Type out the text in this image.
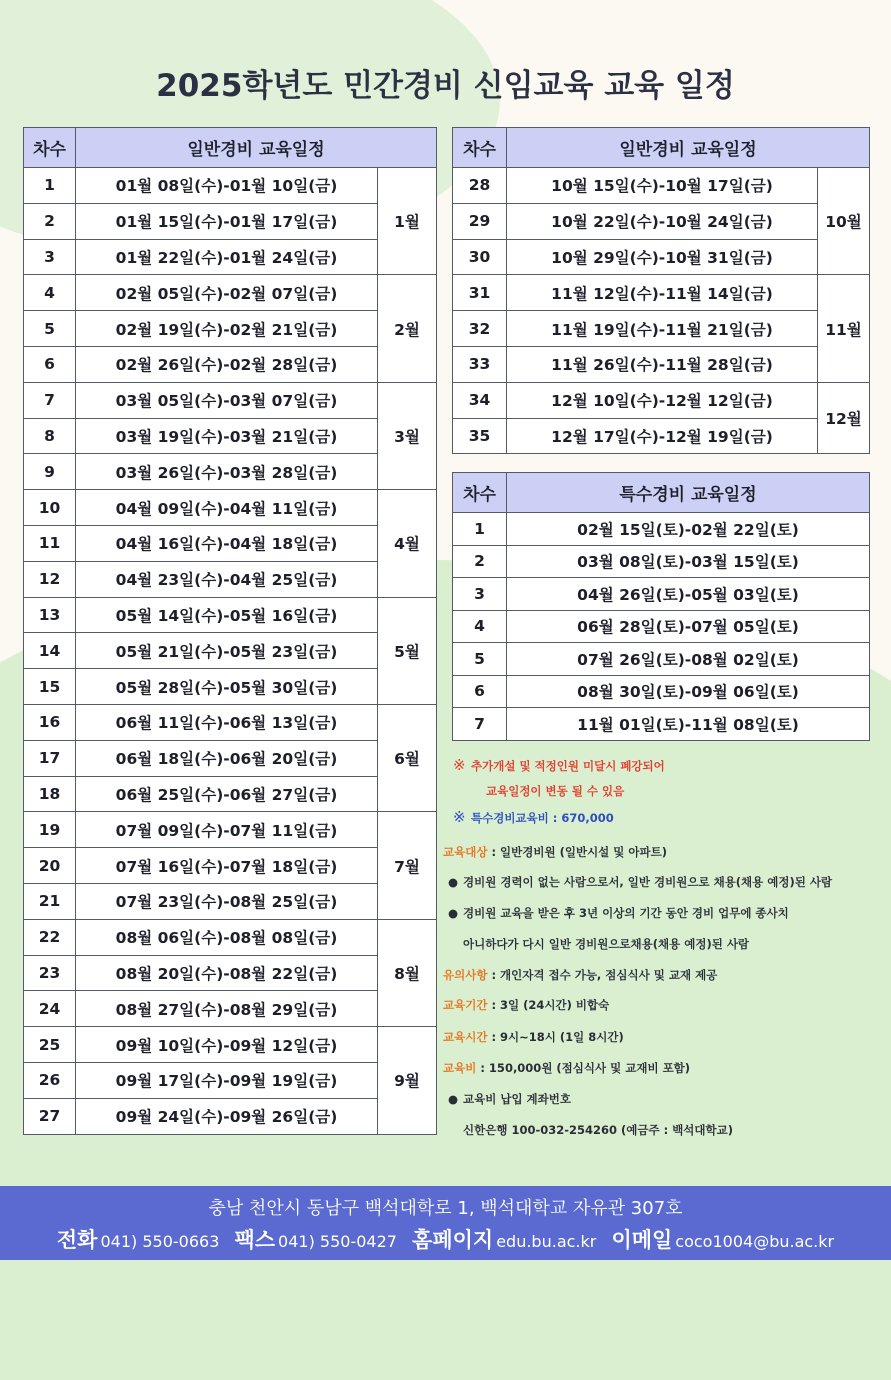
2025학년도 민간경비 신임교육 교육 일정
차수	일반경비 교육일정	
1	01월 08일(수)-01월 10일(금)	1월
2	01월 15일(수)-01월 17일(금)	
3	01월 22일(수)-01월 24일(금)	
4	02월 05일(수)-02월 07일(금)	2월
5	02월 19일(수)-02월 21일(금)	
6	02월 26일(수)-02월 28일(금)	
7	03월 05일(수)-03월 07일(금)	3월
8	03월 19일(수)-03월 21일(금)	
9	03월 26일(수)-03월 28일(금)	
10	04월 09일(수)-04월 11일(금)	4월
11	04월 16일(수)-04월 18일(금)	
12	04월 23일(수)-04월 25일(금)	
13	05월 14일(수)-05월 16일(금)	5월
14	05월 21일(수)-05월 23일(금)	
15	05월 28일(수)-05월 30일(금)	
16	06월 11일(수)-06월 13일(금)	6월
17	06월 18일(수)-06월 20일(금)	
18	06월 25일(수)-06월 27일(금)	
19	07월 09일(수)-07월 11일(금)	7월
20	07월 16일(수)-07월 18일(금)	
21	07월 23일(수)-08월 25일(금)	
22	08월 06일(수)-08월 08일(금)	8월
23	08월 20일(수)-08월 22일(금)	
24	08월 27일(수)-08월 29일(금)	
25	09월 10일(수)-09월 12일(금)	9월
26	09월 17일(수)-09월 19일(금)	
27	09월 24일(수)-09월 26일(금)	
차수	일반경비 교육일정	
28	10월 15일(수)-10월 17일(금)	10월
29	10월 22일(수)-10월 24일(금)	
30	10월 29일(수)-10월 31일(금)	
31	11월 12일(수)-11월 14일(금)	11월
32	11월 19일(수)-11월 21일(금)	
33	11월 26일(수)-11월 28일(금)	
34	12월 10일(수)-12월 12일(금)	12월
35	12월 17일(수)-12월 19일(금)	
차수	특수경비 교육일정
1	02월 15일(토)-02월 22일(토)
2	03월 08일(토)-03월 15일(토)
3	04월 26일(토)-05월 03일(토)
4	06월 28일(토)-07월 05일(토)
5	07월 26일(토)-08월 02일(토)
6	08월 30일(토)-09월 06일(토)
7	11월 01일(토)-11월 08일(토)
※ 추가개설 및 적정인원 미달시 폐강되어
교육일정이 변동 될 수 있음
※ 특수경비교육비 : 670,000
교육대상 : 일반경비원 (일반시설 및 아파트)
● 경비원 경력이 없는 사람으로서, 일반 경비원으로 채용(채용 예정)된 사람
● 경비원 교육을 받은 후 3년 이상의 기간 동안 경비 업무에 종사치
아니하다가 다시 일반 경비원으로채용(채용 예정)된 사람
유의사항 : 개인자격 접수 가능, 점심식사 및 교재 제공
교육기간 : 3일 (24시간) 비합숙
교육시간 : 9시~18시 (1일 8시간)
교육비 : 150,000원 (점심식사 및 교재비 포함)
● 교육비 납입 계좌번호
신한은행 100-032-254260 (예금주 : 백석대학교)
충남 천안시 동남구 백석대학로 1, 백석대학교 자유관 307호
전화 041) 550-0663 팩스 041) 550-0427 홈페이지 edu.bu.ac.kr 이메일 coco1004@bu.ac.kr
